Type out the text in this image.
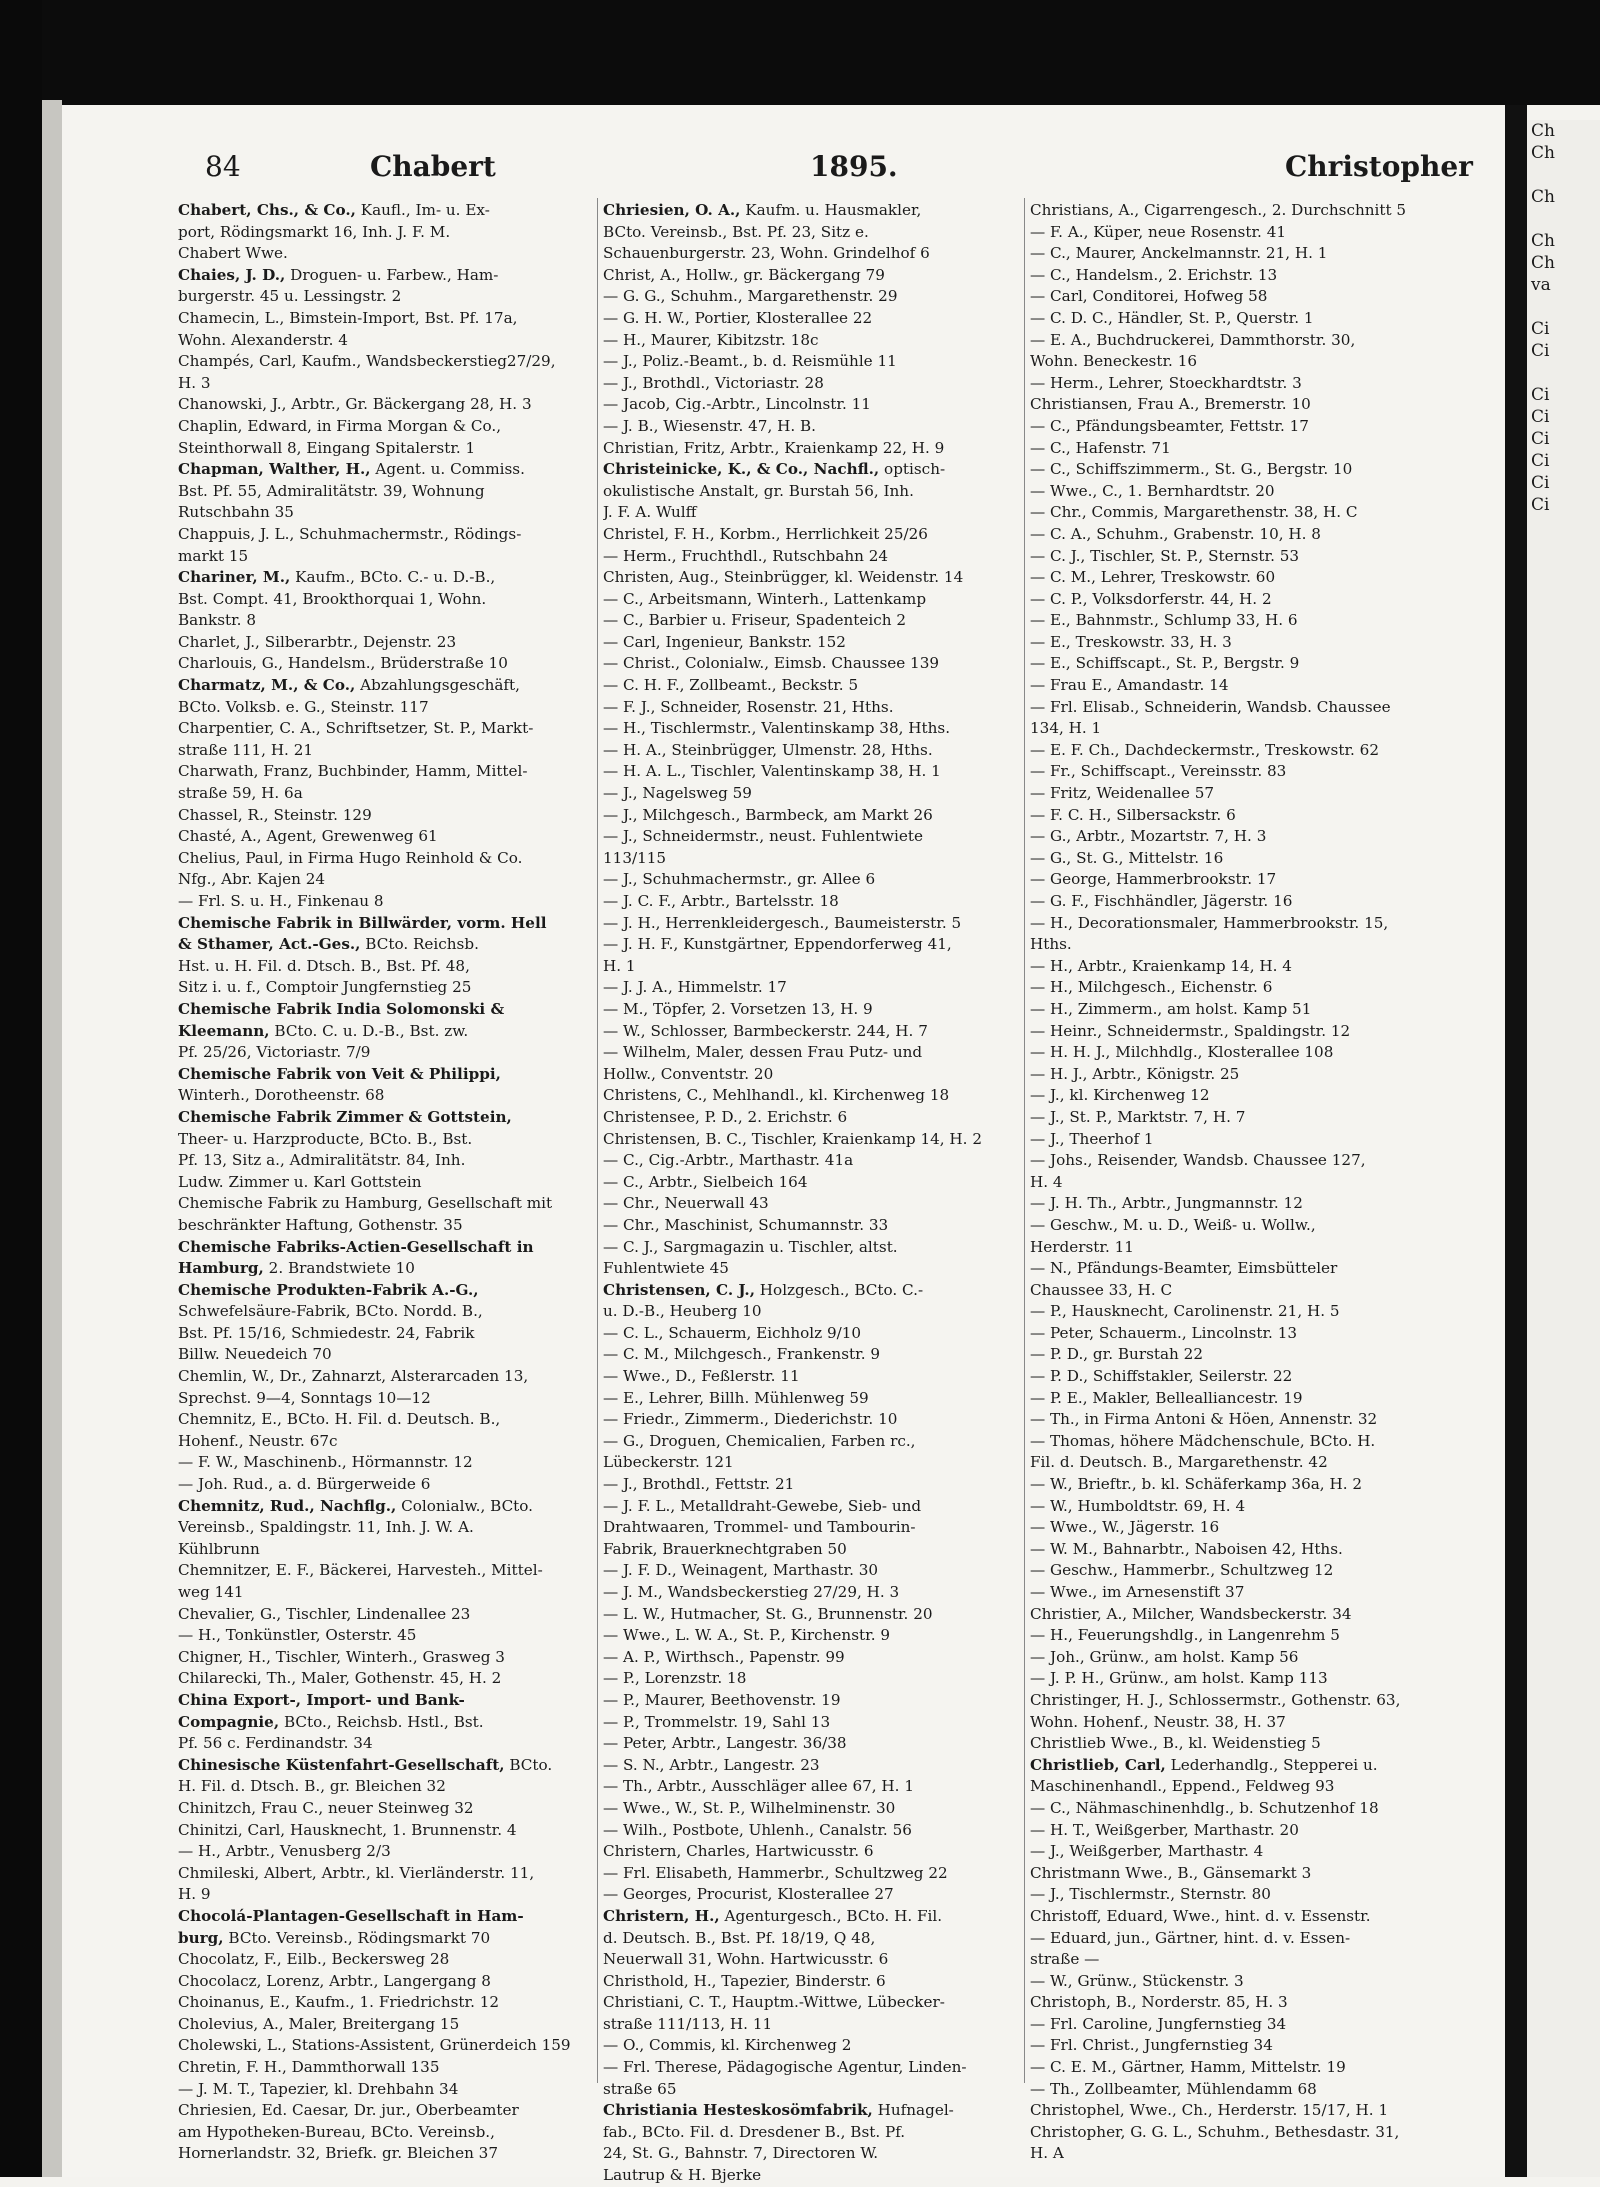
84	Chabert	1895.	Christopher
Chabert, Chs., & Co., Kaufl., Im- u. Ex-
port, Rödingsmarkt 16, Inh. J. F. M.
Chabert Wwe.
Chaies, J. D., Droguen- u. Farbew., Ham-
burgerstr. 45 u. Lessingstr. 2
Chamecin, L., Bimstein-Import, Bst. Pf. 17a,
Wohn. Alexanderstr. 4
Champés, Carl, Kaufm., Wandsbeckerstieg27/29,
H. 3
Chanowski, J., Arbtr., Gr. Bäckergang 28, H. 3
Chaplin, Edward, in Firma Morgan & Co.,
Steinthorwall 8, Eingang Spitalerstr. 1
Chapman, Walther, H., Agent. u. Commiss.
Bst. Pf. 55, Admiralitätstr. 39, Wohnung
Rutschbahn 35
Chappuis, J. L., Schuhmachermstr., Rödings-
markt 15
Chariner, M., Kaufm., BCto. C.- u. D.-B.,
Bst. Compt. 41, Brookthorquai 1, Wohn.
Bankstr. 8
Charlet, J., Silberarbtr., Dejenstr. 23
Charlouis, G., Handelsm., Brüderstraße 10
Charmatz, M., & Co., Abzahlungsgeschäft,
BCto. Volksb. e. G., Steinstr. 117
Charpentier, C. A., Schriftsetzer, St. P., Markt-
straße 111, H. 21
Charwath, Franz, Buchbinder, Hamm, Mittel-
straße 59, H. 6a
Chassel, R., Steinstr. 129
Chasté, A., Agent, Grewenweg 61
Chelius, Paul, in Firma Hugo Reinhold & Co.
Nfg., Abr. Kajen 24
— Frl. S. u. H., Finkenau 8
Chemische Fabrik in Billwärder, vorm. Hell
& Sthamer, Act.-Ges., BCto. Reichsb.
Hst. u. H. Fil. d. Dtsch. B., Bst. Pf. 48,
Sitz i. u. f., Comptoir Jungfernstieg 25
Chemische Fabrik India Solomonski &
Kleemann, BCto. C. u. D.-B., Bst. zw.
Pf. 25/26, Victoriastr. 7/9
Chemische Fabrik von Veit & Philippi,
Winterh., Dorotheenstr. 68
Chemische Fabrik Zimmer & Gottstein,
Theer- u. Harzproducte, BCto. B., Bst.
Pf. 13, Sitz a., Admiralitätstr. 84, Inh.
Ludw. Zimmer u. Karl Gottstein
Chemische Fabrik zu Hamburg, Gesellschaft mit
beschränkter Haftung, Gothenstr. 35
Chemische Fabriks-Actien-Gesellschaft in
Hamburg, 2. Brandstwiete 10
Chemische Produkten-Fabrik A.-G.,
Schwefelsäure-Fabrik, BCto. Nordd. B.,
Bst. Pf. 15/16, Schmiedestr. 24, Fabrik
Billw. Neuedeich 70
Chemlin, W., Dr., Zahnarzt, Alsterarcaden 13,
Sprechst. 9—4, Sonntags 10—12
Chemnitz, E., BCto. H. Fil. d. Deutsch. B.,
Hohenf., Neustr. 67c
— F. W., Maschinenb., Hörmannstr. 12
— Joh. Rud., a. d. Bürgerweide 6
Chemnitz, Rud., Nachflg., Colonialw., BCto.
Vereinsb., Spaldingstr. 11, Inh. J. W. A.
Kühlbrunn
Chemnitzer, E. F., Bäckerei, Harvesteh., Mittel-
weg 141
Chevalier, G., Tischler, Lindenallee 23
— H., Tonkünstler, Osterstr. 45
Chigner, H., Tischler, Winterh., Grasweg 3
Chilarecki, Th., Maler, Gothenstr. 45, H. 2
China Export-, Import- und Bank-
Compagnie, BCto., Reichsb. Hstl., Bst.
Pf. 56 c. Ferdinandstr. 34
Chinesische Küstenfahrt-Gesellschaft, BCto.
H. Fil. d. Dtsch. B., gr. Bleichen 32
Chinitzch, Frau C., neuer Steinweg 32
Chinitzi, Carl, Hausknecht, 1. Brunnenstr. 4
— H., Arbtr., Venusberg 2/3
Chmileski, Albert, Arbtr., kl. Vierländerstr. 11,
H. 9
Chocolá-Plantagen-Gesellschaft in Ham-
burg, BCto. Vereinsb., Rödingsmarkt 70
Chocolatz, F., Eilb., Beckersweg 28
Chocolacz, Lorenz, Arbtr., Langergang 8
Choinanus, E., Kaufm., 1. Friedrichstr. 12
Cholevius, A., Maler, Breitergang 15
Cholewski, L., Stations-Assistent, Grünerdeich 159
Chretin, F. H., Dammthorwall 135
— J. M. T., Tapezier, kl. Drehbahn 34
Chriesien, Ed. Caesar, Dr. jur., Oberbeamter
am Hypotheken-Bureau, BCto. Vereinsb.,
Hornerlandstr. 32, Briefk. gr. Bleichen 37
Chriesien, O. A., Kaufm. u. Hausmakler,
BCto. Vereinsb., Bst. Pf. 23, Sitz e.
Schauenburgerstr. 23, Wohn. Grindelhof 6
Christ, A., Hollw., gr. Bäckergang 79
— G. G., Schuhm., Margarethenstr. 29
— G. H. W., Portier, Klosterallee 22
— H., Maurer, Kibitzstr. 18c
— J., Poliz.-Beamt., b. d. Reismühle 11
— J., Brothdl., Victoriastr. 28
— Jacob, Cig.-Arbtr., Lincolnstr. 11
— J. B., Wiesenstr. 47, H. B.
Christian, Fritz, Arbtr., Kraienkamp 22, H. 9
Christeinicke, K., & Co., Nachfl., optisch-
okulistische Anstalt, gr. Burstah 56, Inh.
J. F. A. Wulff
Christel, F. H., Korbm., Herrlichkeit 25/26
— Herm., Fruchthdl., Rutschbahn 24
Christen, Aug., Steinbrügger, kl. Weidenstr. 14
— C., Arbeitsmann, Winterh., Lattenkamp
— C., Barbier u. Friseur, Spadenteich 2
— Carl, Ingenieur, Bankstr. 152
— Christ., Colonialw., Eimsb. Chaussee 139
— C. H. F., Zollbeamt., Beckstr. 5
— F. J., Schneider, Rosenstr. 21, Hths.
— H., Tischlermstr., Valentinskamp 38, Hths.
— H. A., Steinbrügger, Ulmenstr. 28, Hths.
— H. A. L., Tischler, Valentinskamp 38, H. 1
— J., Nagelsweg 59
— J., Milchgesch., Barmbeck, am Markt 26
— J., Schneidermstr., neust. Fuhlentwiete
113/115
— J., Schuhmachermstr., gr. Allee 6
— J. C. F., Arbtr., Bartelsstr. 18
— J. H., Herrenkleidergesch., Baumeisterstr. 5
— J. H. F., Kunstgärtner, Eppendorferweg 41,
H. 1
— J. J. A., Himmelstr. 17
— M., Töpfer, 2. Vorsetzen 13, H. 9
— W., Schlosser, Barmbeckerstr. 244, H. 7
— Wilhelm, Maler, dessen Frau Putz- und
Hollw., Conventstr. 20
Christens, C., Mehlhandl., kl. Kirchenweg 18
Christensee, P. D., 2. Erichstr. 6
Christensen, B. C., Tischler, Kraienkamp 14, H. 2
— C., Cig.-Arbtr., Marthastr. 41a
— C., Arbtr., Sielbeich 164
— Chr., Neuerwall 43
— Chr., Maschinist, Schumannstr. 33
— C. J., Sargmagazin u. Tischler, altst.
Fuhlentwiete 45
Christensen, C. J., Holzgesch., BCto. C.-
u. D.-B., Heuberg 10
— C. L., Schauerm, Eichholz 9/10
— C. M., Milchgesch., Frankenstr. 9
— Wwe., D., Feßlerstr. 11
— E., Lehrer, Billh. Mühlenweg 59
— Friedr., Zimmerm., Diederichstr. 10
— G., Droguen, Chemicalien, Farben rc.,
Lübeckerstr. 121
— J., Brothdl., Fettstr. 21
— J. F. L., Metalldraht-Gewebe, Sieb- und
Drahtwaaren, Trommel- und Tambourin-
Fabrik, Brauerknechtgraben 50
— J. F. D., Weinagent, Marthastr. 30
— J. M., Wandsbeckerstieg 27/29, H. 3
— L. W., Hutmacher, St. G., Brunnenstr. 20
— Wwe., L. W. A., St. P., Kirchenstr. 9
— A. P., Wirthsch., Papenstr. 99
— P., Lorenzstr. 18
— P., Maurer, Beethovenstr. 19
— P., Trommelstr. 19, Sahl 13
— Peter, Arbtr., Langestr. 36/38
— S. N., Arbtr., Langestr. 23
— Th., Arbtr., Ausschläger allee 67, H. 1
— Wwe., W., St. P., Wilhelminenstr. 30
— Wilh., Postbote, Uhlenh., Canalstr. 56
Christern, Charles, Hartwicusstr. 6
— Frl. Elisabeth, Hammerbr., Schultzweg 22
— Georges, Procurist, Klosterallee 27
Christern, H., Agenturgesch., BCto. H. Fil.
d. Deutsch. B., Bst. Pf. 18/19, Q 48,
Neuerwall 31, Wohn. Hartwicusstr. 6
Christhold, H., Tapezier, Binderstr. 6
Christiani, C. T., Hauptm.-Wittwe, Lübecker-
straße 111/113, H. 11
— O., Commis, kl. Kirchenweg 2
— Frl. Therese, Pädagogische Agentur, Linden-
straße 65
Christiania Hesteskosömfabrik, Hufnagel-
fab., BCto. Fil. d. Dresdener B., Bst. Pf.
24, St. G., Bahnstr. 7, Directoren W.
Lautrup & H. Bjerke
Christians, A., Cigarrengesch., 2. Durchschnitt 5
— F. A., Küper, neue Rosenstr. 41
— C., Maurer, Anckelmannstr. 21, H. 1
— C., Handelsm., 2. Erichstr. 13
— Carl, Conditorei, Hofweg 58
— C. D. C., Händler, St. P., Querstr. 1
— E. A., Buchdruckerei, Dammthorstr. 30,
Wohn. Beneckestr. 16
— Herm., Lehrer, Stoeckhardtstr. 3
Christiansen, Frau A., Bremerstr. 10
— C., Pfändungsbeamter, Fettstr. 17
— C., Hafenstr. 71
— C., Schiffszimmerm., St. G., Bergstr. 10
— Wwe., C., 1. Bernhardtstr. 20
— Chr., Commis, Margarethenstr. 38, H. C
— C. A., Schuhm., Grabenstr. 10, H. 8
— C. J., Tischler, St. P., Sternstr. 53
— C. M., Lehrer, Treskowstr. 60
— C. P., Volksdorferstr. 44, H. 2
— E., Bahnmstr., Schlump 33, H. 6
— E., Treskowstr. 33, H. 3
— E., Schiffscapt., St. P., Bergstr. 9
— Frau E., Amandastr. 14
— Frl. Elisab., Schneiderin, Wandsb. Chaussee
134, H. 1
— E. F. Ch., Dachdeckermstr., Treskowstr. 62
— Fr., Schiffscapt., Vereinsstr. 83
— Fritz, Weidenallee 57
— F. C. H., Silbersackstr. 6
— G., Arbtr., Mozartstr. 7, H. 3
— G., St. G., Mittelstr. 16
— George, Hammerbrookstr. 17
— G. F., Fischhändler, Jägerstr. 16
— H., Decorationsmaler, Hammerbrookstr. 15,
Hths.
— H., Arbtr., Kraienkamp 14, H. 4
— H., Milchgesch., Eichenstr. 6
— H., Zimmerm., am holst. Kamp 51
— Heinr., Schneidermstr., Spaldingstr. 12
— H. H. J., Milchhdlg., Klosterallee 108
— H. J., Arbtr., Königstr. 25
— J., kl. Kirchenweg 12
— J., St. P., Marktstr. 7, H. 7
— J., Theerhof 1
— Johs., Reisender, Wandsb. Chaussee 127,
H. 4
— J. H. Th., Arbtr., Jungmannstr. 12
— Geschw., M. u. D., Weiß- u. Wollw.,
Herderstr. 11
— N., Pfändungs-Beamter, Eimsbütteler
Chaussee 33, H. C
— P., Hausknecht, Carolinenstr. 21, H. 5
— Peter, Schauerm., Lincolnstr. 13
— P. D., gr. Burstah 22
— P. D., Schiffstakler, Seilerstr. 22
— P. E., Makler, Bellealliancestr. 19
— Th., in Firma Antoni & Höen, Annenstr. 32
— Thomas, höhere Mädchenschule, BCto. H.
Fil. d. Deutsch. B., Margarethenstr. 42
— W., Brieftr., b. kl. Schäferkamp 36a, H. 2
— W., Humboldtstr. 69, H. 4
— Wwe., W., Jägerstr. 16
— W. M., Bahnarbtr., Naboisen 42, Hths.
— Geschw., Hammerbr., Schultzweg 12
— Wwe., im Arnesenstift 37
Christier, A., Milcher, Wandsbeckerstr. 34
— H., Feuerungshdlg., in Langenrehm 5
— Joh., Grünw., am holst. Kamp 56
— J. P. H., Grünw., am holst. Kamp 113
Christinger, H. J., Schlossermstr., Gothenstr. 63,
Wohn. Hohenf., Neustr. 38, H. 37
Christlieb Wwe., B., kl. Weidenstieg 5
Christlieb, Carl, Lederhandlg., Stepperei u.
Maschinenhandl., Eppend., Feldweg 93
— C., Nähmaschinenhdlg., b. Schutzenhof 18
— H. T., Weißgerber, Marthastr. 20
— J., Weißgerber, Marthastr. 4
Christmann Wwe., B., Gänsemarkt 3
— J., Tischlermstr., Sternstr. 80
Christoff, Eduard, Wwe., hint. d. v. Essenstr.
— Eduard, jun., Gärtner, hint. d. v. Essen-
straße —
— W., Grünw., Stückenstr. 3
Christoph, B., Norderstr. 85, H. 3
— Frl. Caroline, Jungfernstieg 34
— Frl. Christ., Jungfernstieg 34
— C. E. M., Gärtner, Hamm, Mittelstr. 19
— Th., Zollbeamter, Mühlendamm 68
Christophel, Wwe., Ch., Herderstr. 15/17, H. 1
Christopher, G. G. L., Schuhm., Bethesdastr. 31,
H. A
Ch
Ch

Ch

Ch
Ch
va

Ci
Ci

Ci
Ci
Ci
Ci
Ci
Ci
